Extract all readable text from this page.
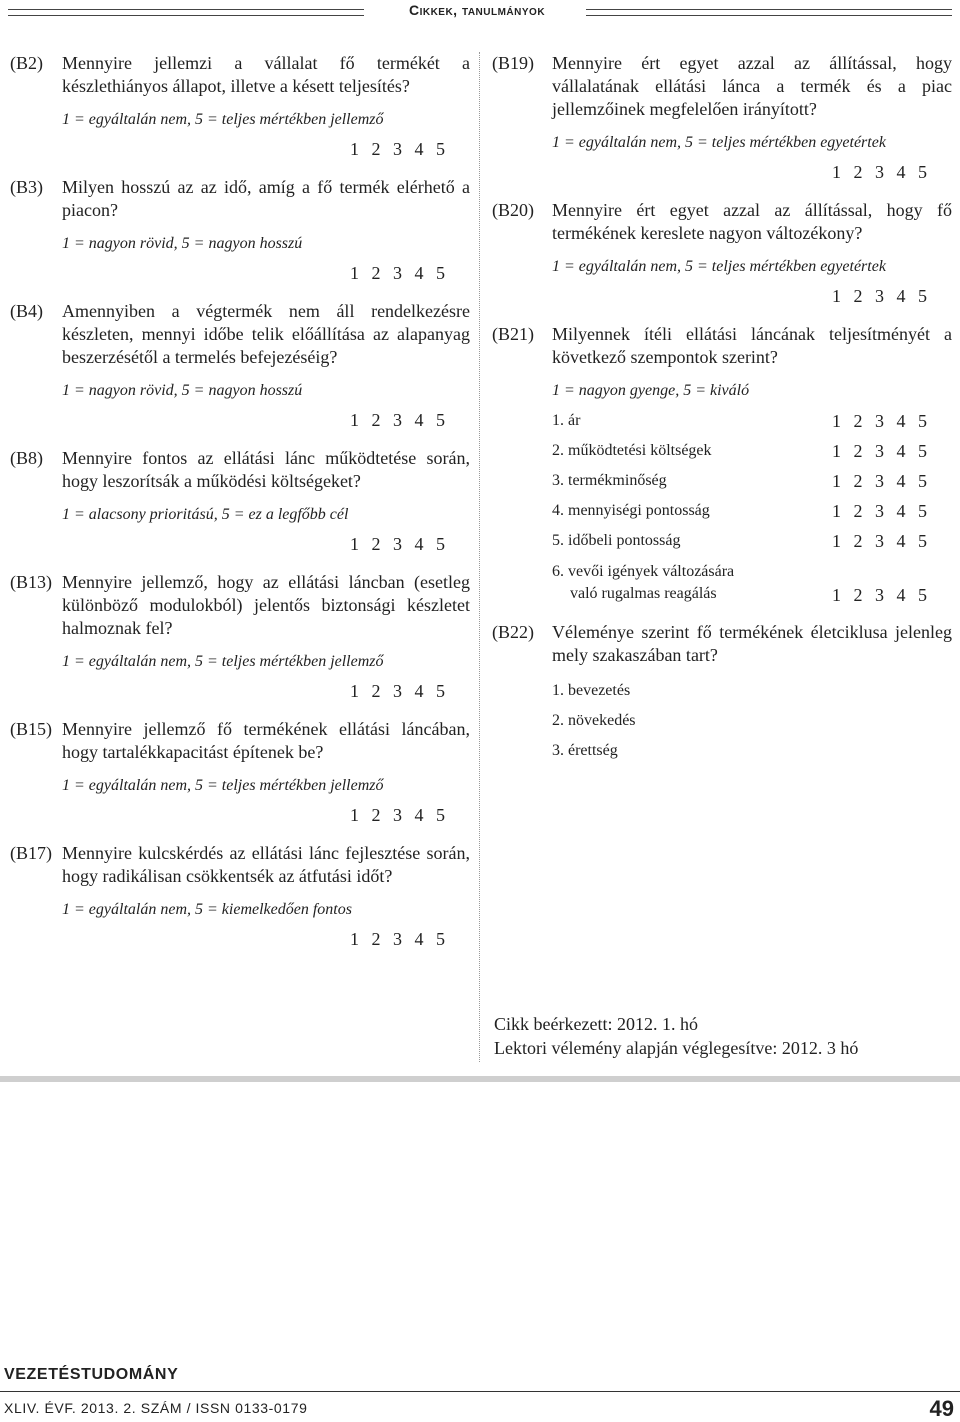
Cikkek, tanulmányok
(B2)	Mennyire jellemzi a vállalat fő termékét a készlethiányos állapot, illetve a késett teljesítés?
1 = egyáltalán nem, 5 = teljes mértékben jellemző
1 2 3 4 5
(B3)	Milyen hosszú az az idő, amíg a fő termék elérhető a piacon?
1 = nagyon rövid, 5 = nagyon hosszú
1 2 3 4 5
(B4)	Amennyiben a végtermék nem áll rendelkezésre készleten, mennyi időbe telik előállítása az alapanyag beszerzésétől a termelés befejezéséig?
1 = nagyon rövid, 5 = nagyon hosszú
1 2 3 4 5
(B8)	Mennyire fontos az ellátási lánc működtetése során, hogy leszorítsák a működési költségeket?
1 = alacsony prioritású, 5 = ez a legfőbb cél
1 2 3 4 5
(B13) Mennyire jellemző, hogy az ellátási láncban (esetleg különböző modulokból) jelentős biztonsági készletet halmoznak fel?
1 = egyáltalán nem, 5 = teljes mértékben jellemző
1 2 3 4 5
(B15) Mennyire jellemző fő termékének ellátási láncában, hogy tartalékkapacitást építenek be?
1 = egyáltalán nem, 5 = teljes mértékben jellemző
1 2 3 4 5
(B17) Mennyire kulcskérdés az ellátási lánc fejlesztése során, hogy radikálisan csökkentsék az átfutási időt?
1 = egyáltalán nem, 5 = kiemelkedően fontos
1 2 3 4 5
(B19)	Mennyire ért egyet azzal az állítással, hogy vállalatának ellátási lánca a termék és a piac jellemzőinek megfelelően irányított?
1 = egyáltalán nem, 5 = teljes mértékben egyetértek
1 2 3 4 5
(B20)	Mennyire ért egyet azzal az állítással, hogy fő termékének kereslete nagyon változékony?
1 = egyáltalán nem, 5 = teljes mértékben egyetértek
1 2 3 4 5
(B21)	Milyennek ítéli ellátási láncának teljesítményét a következő szempontok szerint?
1 = nagyon gyenge, 5 = kiváló
1. ár	1 2 3 4 5
2. működtetési költségek	1 2 3 4 5
3. termékminőség	1 2 3 4 5
4. mennyiségi pontosság	1 2 3 4 5
5. időbeli pontosság	1 2 3 4 5
6. vevői igények változására
való rugalmas reagálás	1 2 3 4 5
(B22)	Véleménye szerint fő termékének életciklusa jelenleg mely szakaszában tart?
1. bevezetés
2. növekedés
3. érettség
Cikk beérkezett: 2012. 1. hó
Lektori vélemény alapján véglegesítve: 2012. 3 hó
VEZETÉSTUDOMÁNY
XLIV. ÉVF. 2013. 2. SZÁM / ISSN 0133-0179	49
